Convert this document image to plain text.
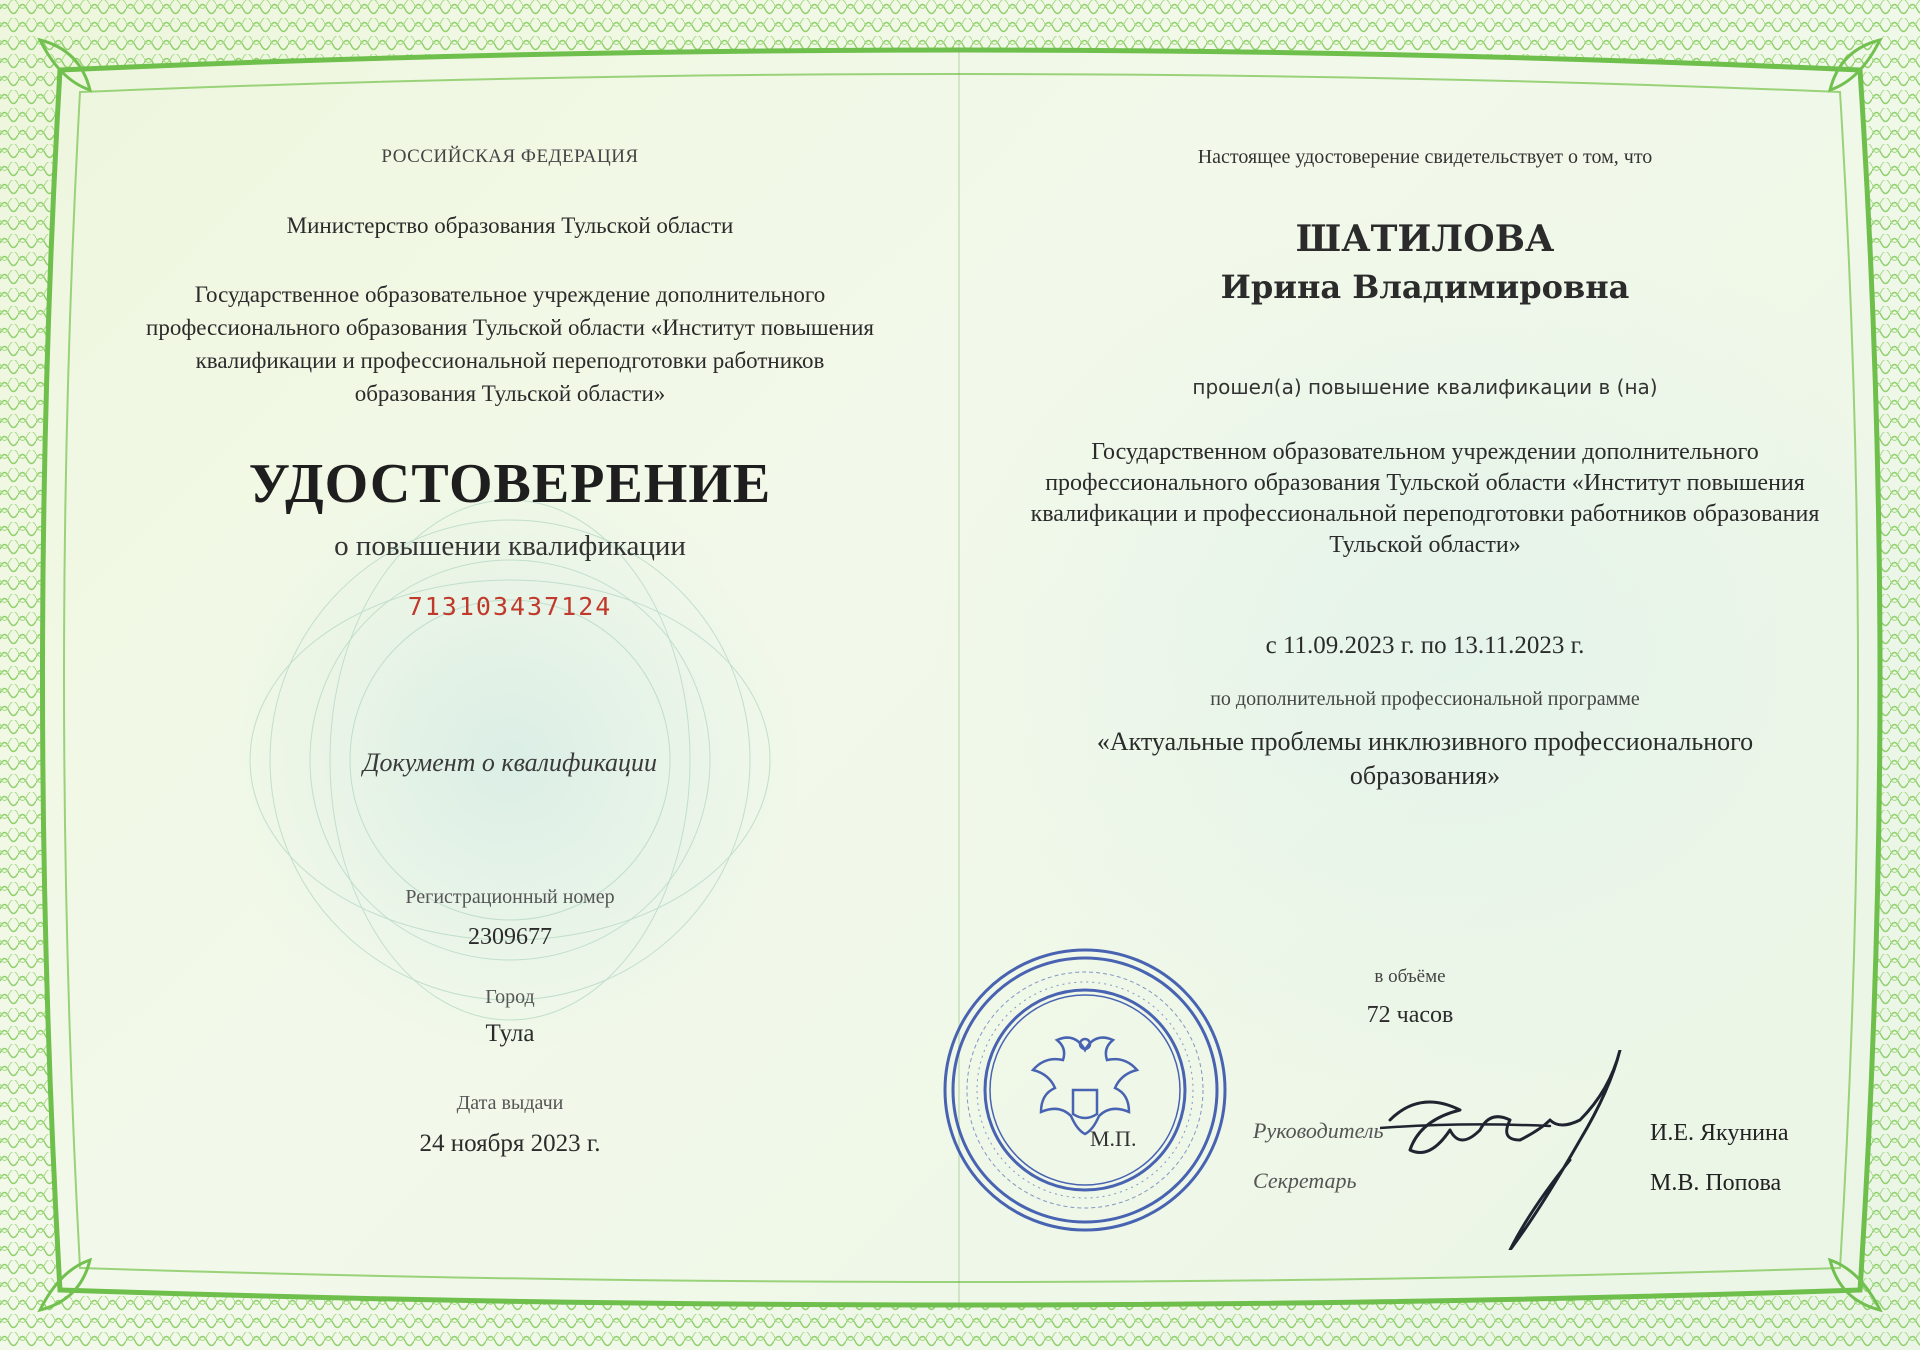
РОССИЙСКАЯ ФЕДЕРАЦИЯ
Министерство образования Тульской области
Государственное образовательное учреждение дополнительного профессионального образования Тульской области «Институт повышения квалификации и профессиональной переподготовки работников образования Тульской области»
УДОСТОВЕРЕНИЕ
о повышении квалификации
713103437124
Документ о квалификации
Регистрационный номер
2309677
Город
Тула
Дата выдачи
24 ноября 2023 г.
Настоящее удостоверение свидетельствует о том, что
ШАТИЛОВА
Ирина Владимировна
прошел(а) повышение квалификации в (на)
Государственном образовательном учреждении дополнительного профессионального образования Тульской области «Институт повышения квалификации и профессиональной переподготовки работников образования Тульской области»
с 11.09.2023 г. по 13.11.2023 г.
по дополнительной профессиональной программе
«Актуальные проблемы инклюзивного профессионального образования»
в объёме
72 часов
М.П.	Руководитель
Секретарь
И.Е. Якунина
М.В. Попова
